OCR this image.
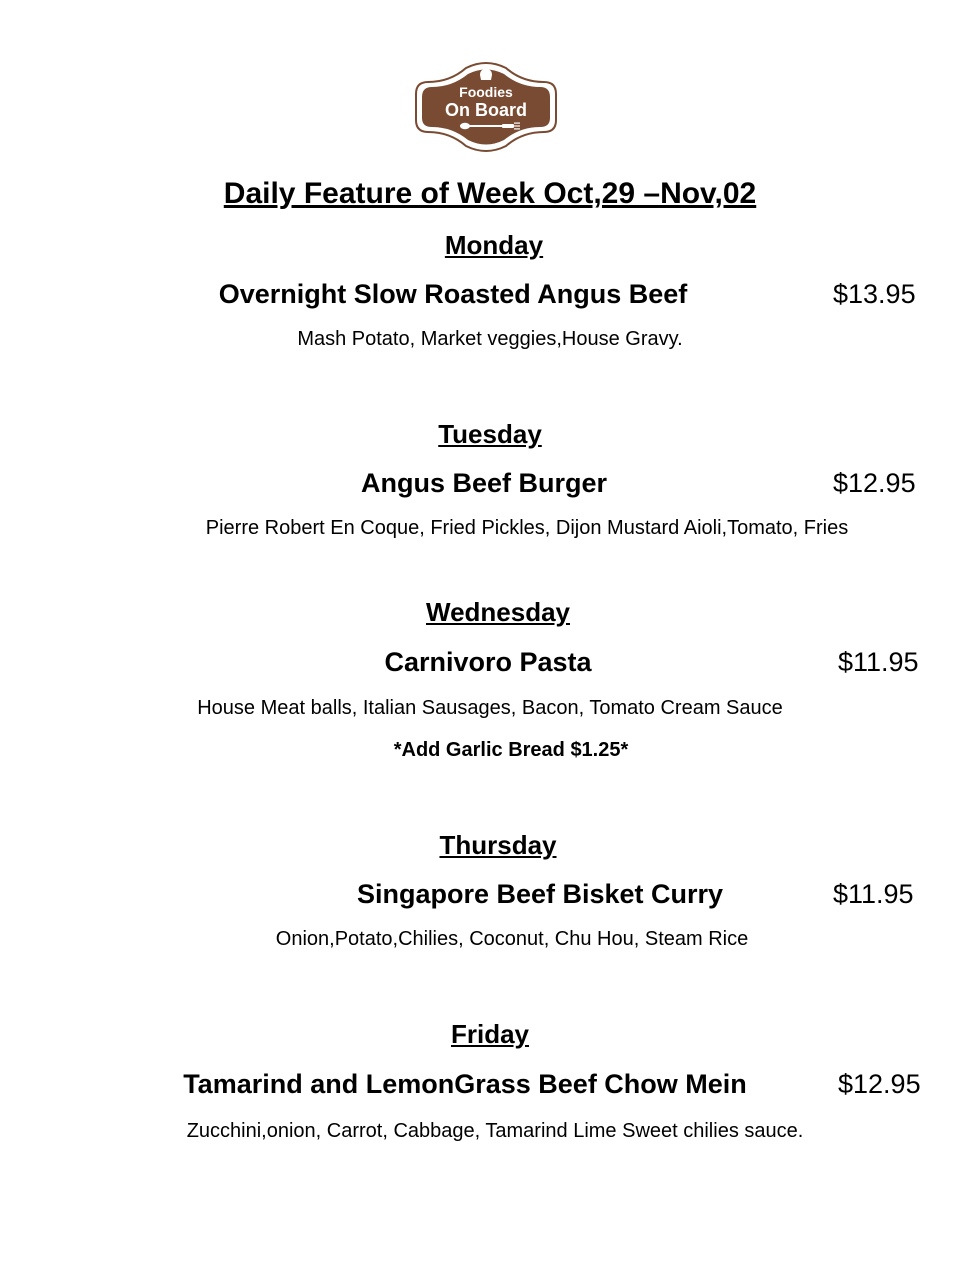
Foodies
On Board
Daily Feature of Week Oct,29 –Nov,02
Monday
Overnight Slow Roasted Angus Beef	$13.95
Mash Potato, Market veggies,House Gravy.
Tuesday
Angus Beef Burger	$12.95
Pierre Robert En Coque, Fried Pickles, Dijon Mustard Aioli,Tomato, Fries
Wednesday
Carnivoro Pasta	$11.95
House Meat balls, Italian Sausages, Bacon, Tomato Cream Sauce
*Add Garlic Bread $1.25*
Thursday
Singapore Beef Bisket Curry	$11.95
Onion,Potato,Chilies, Coconut, Chu Hou, Steam Rice
Friday
Tamarind and LemonGrass Beef Chow Mein	$12.95
Zucchini,onion, Carrot, Cabbage, Tamarind Lime Sweet chilies sauce.
